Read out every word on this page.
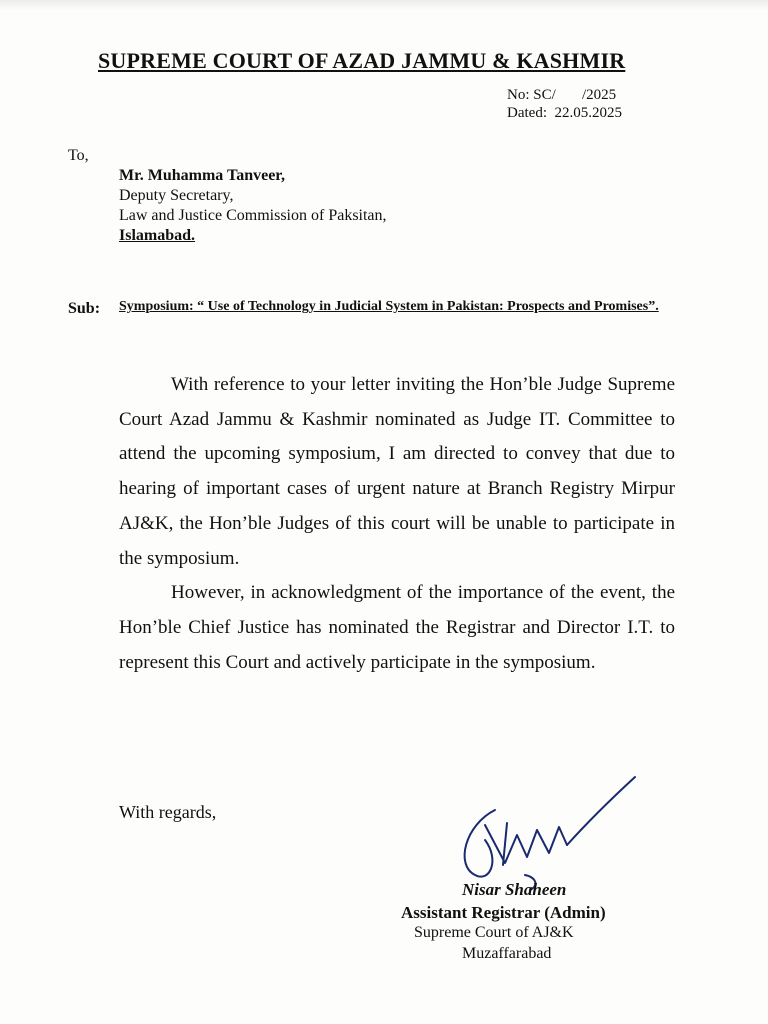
SUPREME COURT OF AZAD JAMMU & KASHMIR
No: SC/       /2025
Dated:  22.05.2025
To,
Mr. Muhamma Tanveer,
Deputy Secretary,
Law and Justice Commission of Paksitan,
Islamabad.
Sub: Symposium: “ Use of Technology in Judicial System in Pakistan: Prospects and Promises”.

With reference to your letter inviting the Hon’ble Judge Supreme Court Azad Jammu & Kashmir nominated as Judge IT. Committee to attend the upcoming symposium, I am directed to convey that due to hearing of important cases of urgent nature at Branch Registry Mirpur AJ&K, the Hon’ble Judges of this court will be unable to participate in the symposium.

However, in acknowledgment of the importance of the event, the Hon’ble Chief Justice has nominated the Registrar and Director I.T. to represent this Court and actively participate in the symposium.

With regards,
Nisar Shaheen
Assistant Registrar (Admin)
Supreme Court of AJ&K
Muzaffarabad
